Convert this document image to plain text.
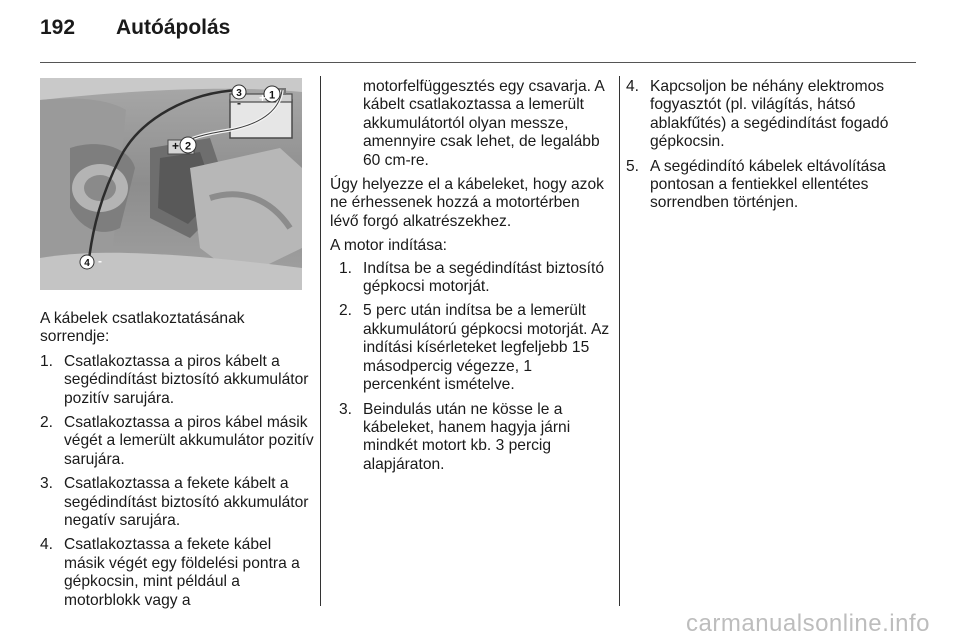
192 Autóápolás
1
+
3
-
2
+
4 -

A kábelek csatlakoztatásának sorrendje:

1. Csatlakoztassa a piros kábelt a segédindítást biztosító akkumulátor pozitív sarujára.
2. Csatlakoztassa a piros kábel másik végét a lemerült akkumulátor pozitív sarujára.
3. Csatlakoztassa a fekete kábelt a segédindítást biztosító akkumulátor negatív sarujára.
4. Csatlakoztassa a fekete kábel másik végét egy földelési pontra a gépkocsin, mint például a motorblokk vagy a

motorfelfüggesztés egy csavarja. A kábelt csatlakoztassa a lemerült akkumulátortól olyan messze, amennyire csak lehet, de legalább 60 cm-re.

Úgy helyezze el a kábeleket, hogy azok ne érhessenek hozzá a motortérben lévő forgó alkatrészekhez.

A motor indítása:

1. Indítsa be a segédindítást biztosító gépkocsi motorját.
2. 5 perc után indítsa be a lemerült akkumulátorú gépkocsi motorját. Az indítási kísérleteket legfeljebb 15 másodpercig végezze, 1 percenként ismételve.
3. Beindulás után ne kösse le a kábeleket, hanem hagyja járni mindkét motort kb. 3 percig alapjáraton.
4. Kapcsoljon be néhány elektromos fogyasztót (pl. világítás, hátsó ablakfűtés) a segédindítást fogadó gépkocsin.
5. A segédindító kábelek eltávolítása pontosan a fentiekkel ellentétes sorrendben történjen.
carmanualsonline.info
